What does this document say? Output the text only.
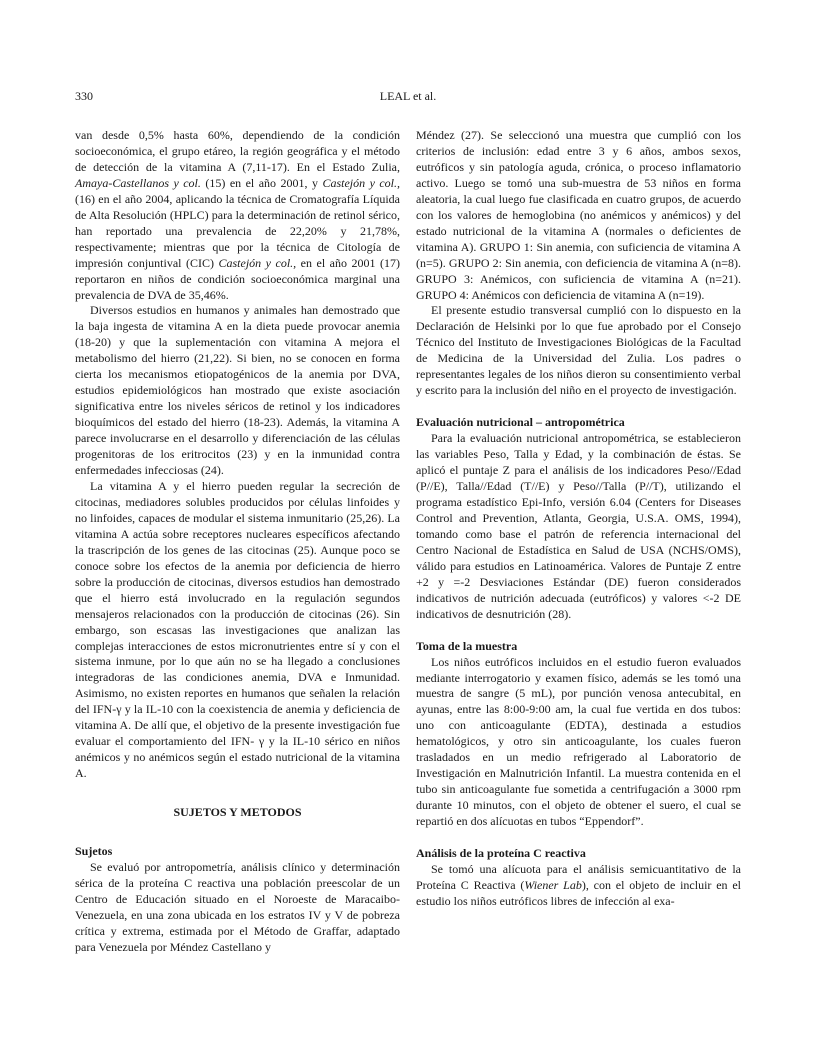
330	LEAL et al.

van desde 0,5% hasta 60%, dependiendo de la condición socioeconómica, el grupo etáreo, la región geográfica y el método de detección de la vitamina A (7,11-17). En el Estado Zulia, Amaya-Castellanos y col. (15) en el año 2001, y Castejón y col., (16) en el año 2004, aplicando la técnica de Cromatografía Líquida de Alta Resolución (HPLC) para la determinación de retinol sérico, han reportado una prevalencia de 22,20% y 21,78%, respectivamente; mientras que por la técnica de Citología de impresión conjuntival (CIC) Castejón y col., en el año 2001 (17) reportaron en niños de condición socioeconómica marginal una prevalencia de DVA de 35,46%.

Diversos estudios en humanos y animales han demostrado que la baja ingesta de vitamina A en la dieta puede provocar anemia (18-20) y que la suplementación con vitamina A mejora el metabolismo del hierro (21,22). Si bien, no se conocen en forma cierta los mecanismos etiopatogénicos de la anemia por DVA, estudios epidemiológicos han mostrado que existe asociación significativa entre los niveles séricos de retinol y los indicadores bioquímicos del estado del hierro (18-23). Además, la vitamina A parece involucrarse en el desarrollo y diferenciación de las células progenitoras de los eritrocitos (23) y en la inmunidad contra enfermedades infecciosas (24).

La vitamina A y el hierro pueden regular la secreción de citocinas, mediadores solubles producidos por células linfoides y no linfoides, capaces de modular el sistema inmunitario (25,26). La vitamina A actúa sobre receptores nucleares específicos afectando la trascripción de los genes de las citocinas (25). Aunque poco se conoce sobre los efectos de la anemia por deficiencia de hierro sobre la producción de citocinas, diversos estudios han demostrado que el hierro está involucrado en la regulación segundos mensajeros relacionados con la producción de citocinas (26). Sin embargo, son escasas las investigaciones que analizan las complejas interacciones de estos micronutrientes entre sí y con el sistema inmune, por lo que aún no se ha llegado a conclusiones integradoras de las condiciones anemia, DVA e Inmunidad. Asimismo, no existen reportes en humanos que señalen la relación del IFN-γ y la IL-10 con la coexistencia de anemia y deficiencia de vitamina A. De allí que, el objetivo de la presente investigación fue evaluar el comportamiento del IFN- γ y la IL-10 sérico en niños anémicos y no anémicos según el estado nutricional de la vitamina A.

SUJETOS Y METODOS

Sujetos

Se evaluó por antropometría, análisis clínico y determinación sérica de la proteína C reactiva una población preescolar de un Centro de Educación situado en el Noroeste de Maracaibo-Venezuela, en una zona ubicada en los estratos IV y V de pobreza crítica y extrema, estimada por el Método de Graffar, adaptado para Venezuela por Méndez Castellano y

Méndez (27). Se seleccionó una muestra que cumplió con los criterios de inclusión: edad entre 3 y 6 años, ambos sexos, eutróficos y sin patología aguda, crónica, o proceso inflamatorio activo. Luego se tomó una sub-muestra de 53 niños en forma aleatoria, la cual luego fue clasificada en cuatro grupos, de acuerdo con los valores de hemoglobina (no anémicos y anémicos) y del estado nutricional de la vitamina A (normales o deficientes de vitamina A). GRUPO 1: Sin anemia, con suficiencia de vitamina A (n=5). GRUPO 2: Sin anemia, con deficiencia de vitamina A (n=8). GRUPO 3: Anémicos, con suficiencia de vitamina A (n=21). GRUPO 4: Anémicos con deficiencia de vitamina A (n=19).

El presente estudio transversal cumplió con lo dispuesto en la Declaración de Helsinki por lo que fue aprobado por el Consejo Técnico del Instituto de Investigaciones Biológicas de la Facultad de Medicina de la Universidad del Zulia. Los padres o representantes legales de los niños dieron su consentimiento verbal y escrito para la inclusión del niño en el proyecto de investigación.

Evaluación nutricional – antropométrica

Para la evaluación nutricional antropométrica, se establecieron las variables Peso, Talla y Edad, y la combinación de éstas. Se aplicó el puntaje Z para el análisis de los indicadores Peso//Edad (P//E), Talla//Edad (T//E) y Peso//Talla (P//T), utilizando el programa estadístico Epi-Info, versión 6.04 (Centers for Diseases Control and Prevention, Atlanta, Georgia, U.S.A. OMS, 1994), tomando como base el patrón de referencia internacional del Centro Nacional de Estadística en Salud de USA (NCHS/OMS), válido para estudios en Latinoamérica. Valores de Puntaje Z entre +2 y =-2 Desviaciones Estándar (DE) fueron considerados indicativos de nutrición adecuada (eutróficos) y valores <-2 DE indicativos de desnutrición (28).

Toma de la muestra

Los niños eutróficos incluidos en el estudio fueron evaluados mediante interrogatorio y examen físico, además se les tomó una muestra de sangre (5 mL), por punción venosa antecubital, en ayunas, entre las 8:00-9:00 am, la cual fue vertida en dos tubos: uno con anticoagulante (EDTA), destinada a estudios hematológicos, y otro sin anticoagulante, los cuales fueron trasladados en un medio refrigerado al Laboratorio de Investigación en Malnutrición Infantil. La muestra contenida en el tubo sin anticoagulante fue sometida a centrifugación a 3000 rpm durante 10 minutos, con el objeto de obtener el suero, el cual se repartió en dos alícuotas en tubos “Eppendorf”.

Análisis de la proteína C reactiva

Se tomó una alícuota para el análisis semicuantitativo de la Proteína C Reactiva (Wiener Lab), con el objeto de incluir en el estudio los niños eutróficos libres de infección al exa-
